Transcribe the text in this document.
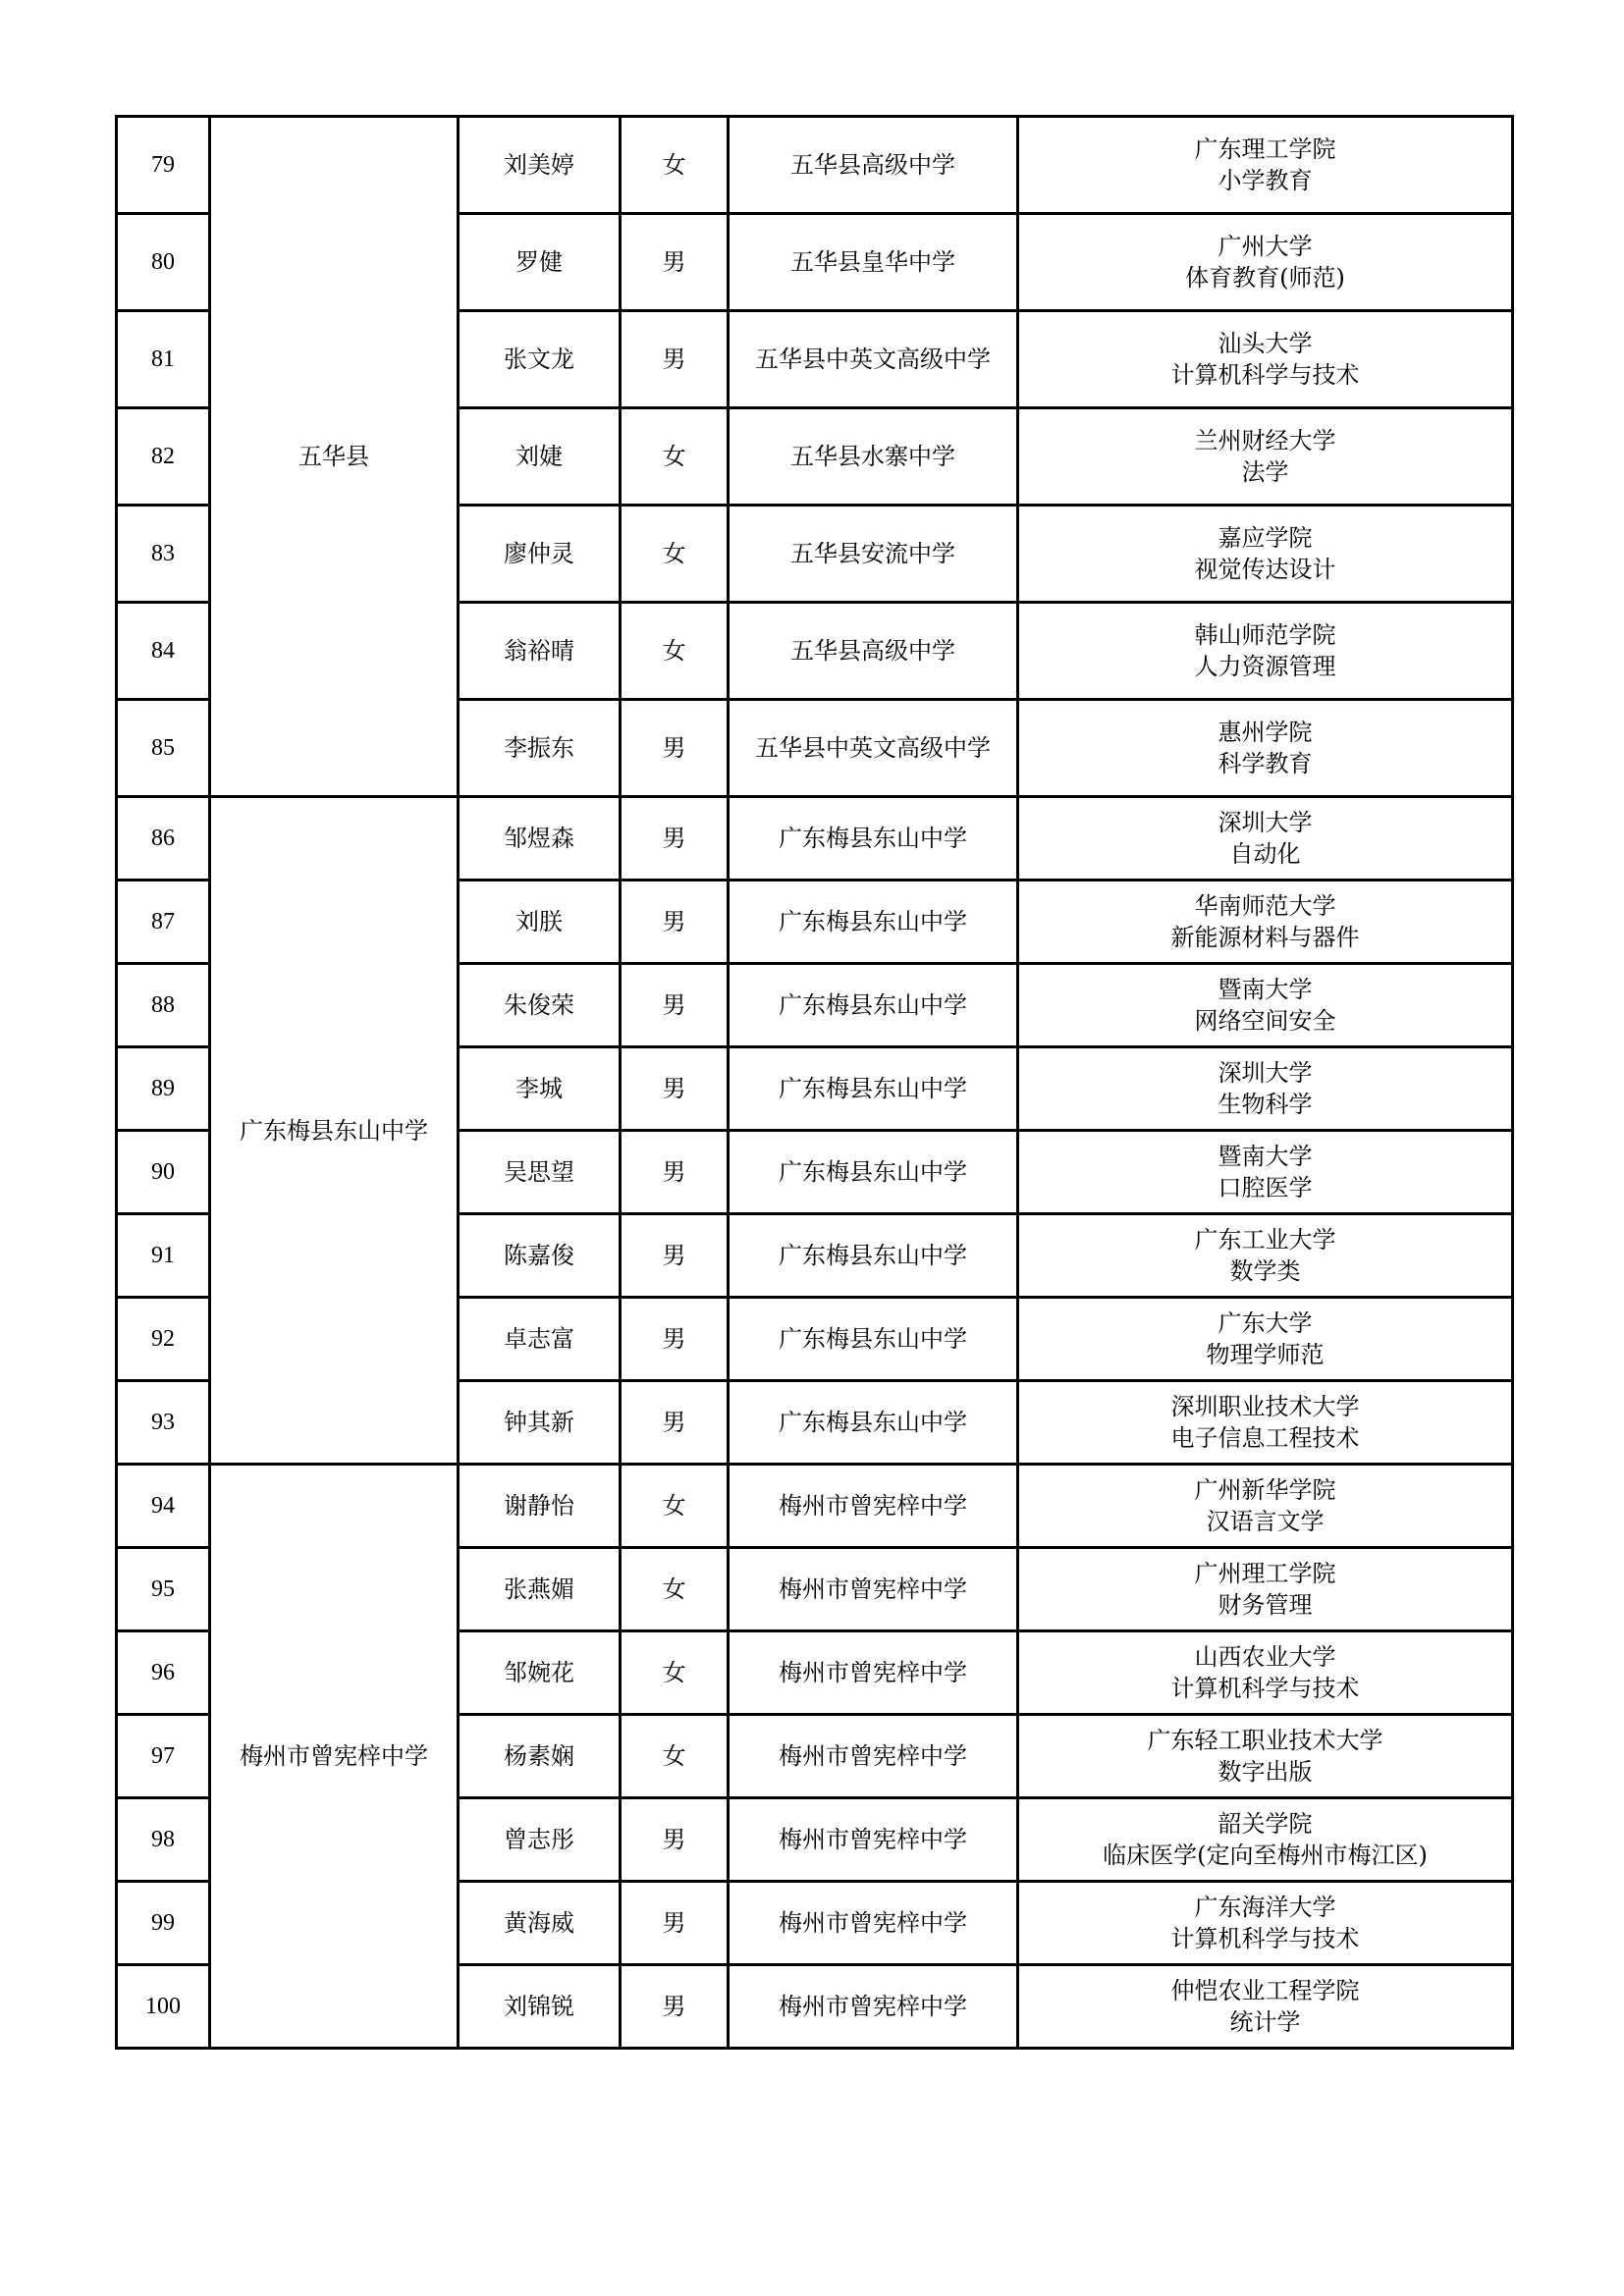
79	五华县	刘美婷	女	五华县高级中学	广东理工学院
小学教育

80		罗健	男	五华县皇华中学	广州大学
体育教育(师范)

81		张文龙	男	五华县中英文高级中学	汕头大学
计算机科学与技术

82		刘婕	女	五华县水寨中学	兰州财经大学
法学

83		廖仲灵	女	五华县安流中学	嘉应学院
视觉传达设计

84		翁裕晴	女	五华县高级中学	韩山师范学院
人力资源管理

85		李振东	男	五华县中英文高级中学	惠州学院
科学教育

86	广东梅县东山中学	邹煜森	男	广东梅县东山中学	深圳大学
自动化

87		刘朕	男	广东梅县东山中学	华南师范大学
新能源材料与器件

88		朱俊荣	男	广东梅县东山中学	暨南大学
网络空间安全

89		李城	男	广东梅县东山中学	深圳大学
生物科学

90		吴思望	男	广东梅县东山中学	暨南大学
口腔医学

91		陈嘉俊	男	广东梅县东山中学	广东工业大学
数学类

92		卓志富	男	广东梅县东山中学	广东大学
物理学师范

93		钟其新	男	广东梅县东山中学	深圳职业技术大学
电子信息工程技术

94	梅州市曾宪梓中学	谢静怡	女	梅州市曾宪梓中学	广州新华学院
汉语言文学

95		张燕媚	女	梅州市曾宪梓中学	广州理工学院
财务管理

96		邹婉花	女	梅州市曾宪梓中学	山西农业大学
计算机科学与技术

97		杨素娴	女	梅州市曾宪梓中学	广东轻工职业技术大学
数字出版

98		曾志彤	男	梅州市曾宪梓中学	韶关学院
临床医学(定向至梅州市梅江区)

99		黄海威	男	梅州市曾宪梓中学	广东海洋大学
计算机科学与技术

100		刘锦锐	男	梅州市曾宪梓中学	仲恺农业工程学院
统计学
